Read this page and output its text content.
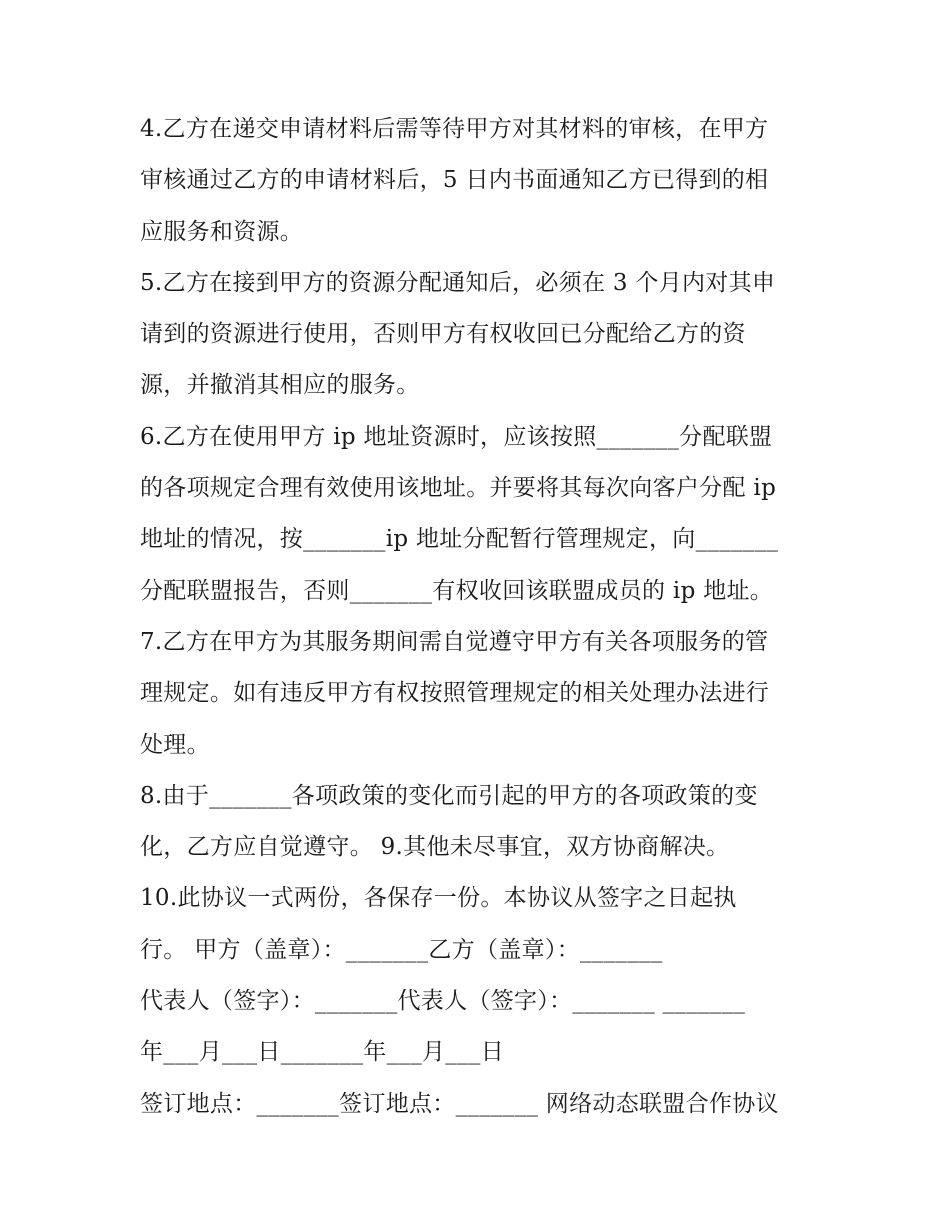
4.乙方在递交申请材料后需等待甲方对其材料的审核，在甲方

审核通过乙方的申请材料后，5 日内书面通知乙方已得到的相

应服务和资源。

5.乙方在接到甲方的资源分配通知后，必须在 3 个月内对其申

请到的资源进行使用，否则甲方有权收回已分配给乙方的资

源，并撤消其相应的服务。

6.乙方在使用甲方 ip 地址资源时，应该按照_______分配联盟

的各项规定合理有效使用该地址。并要将其每次向客户分配 ip

地址的情况，按_______ip 地址分配暂行管理规定，向_______

分配联盟报告，否则_______有权收回该联盟成员的 ip 地址。

7.乙方在甲方为其服务期间需自觉遵守甲方有关各项服务的管

理规定。如有违反甲方有权按照管理规定的相关处理办法进行

处理。

8.由于_______各项政策的变化而引起的甲方的各项政策的变

化，乙方应自觉遵守。 9.其他未尽事宜，双方协商解决。

10.此协议一式两份，各保存一份。本协议从签字之日起执

行。 甲方（盖章）：_______乙方（盖章）：_______

代表人（签字）：_______代表人（签字）：_______ _______

年___月___日_______年___月___日

签订地点：_______签订地点：_______ 网络动态联盟合作协议
